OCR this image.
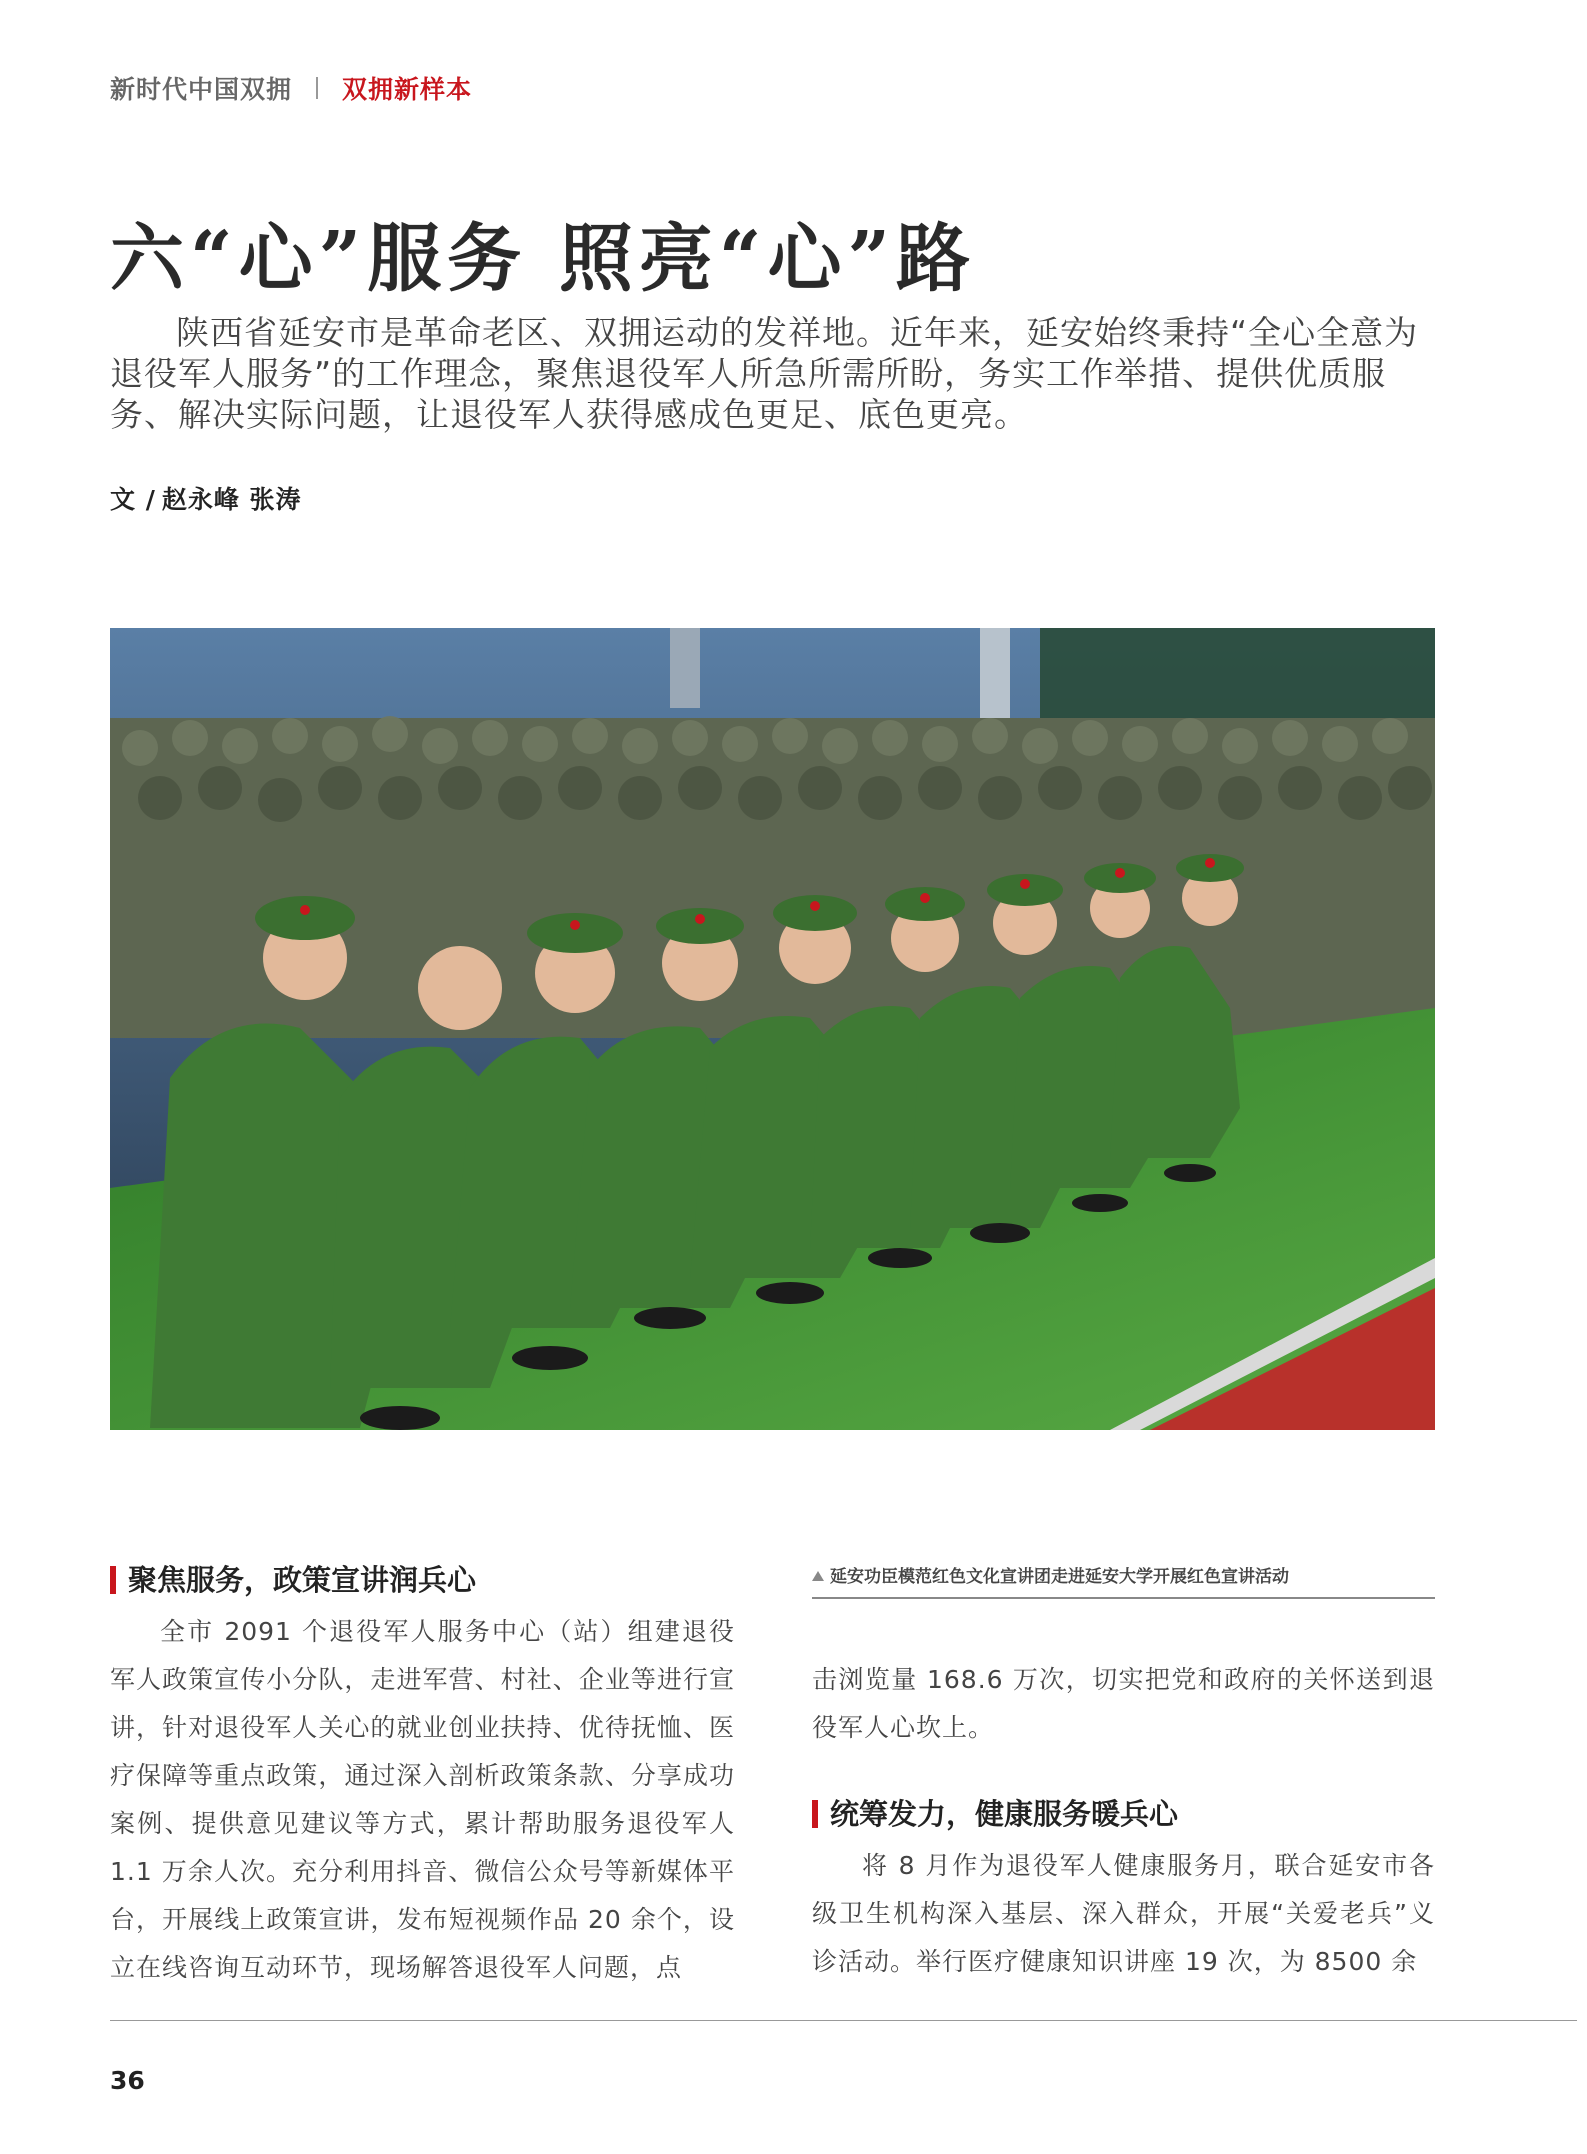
新时代中国双拥 双拥新样本
六“心”服务 照亮“心”路
陕西省延安市是革命老区、双拥运动的发祥地。近年来，延安始终秉持“全心全意为退役军人服务”的工作理念，聚焦退役军人所急所需所盼，务实工作举措、提供优质服务、解决实际问题，让退役军人获得感成色更足、底色更亮。
文 / 赵永峰 张涛
延安功臣模范红色文化宣讲团走进延安大学开展红色宣讲活动
聚焦服务，政策宣讲润兵心

全市 2091 个退役军人服务中心（站）组建退役军人政策宣传小分队，走进军营、村社、企业等进行宣讲，针对退役军人关心的就业创业扶持、优待抚恤、医疗保障等重点政策，通过深入剖析政策条款、分享成功案例、提供意见建议等方式，累计帮助服务退役军人 1.1 万余人次。充分利用抖音、微信公众号等新媒体平台，开展线上政策宣讲，发布短视频作品 20 余个，设立在线咨询互动环节，现场解答退役军人问题，点

击浏览量 168.6 万次，切实把党和政府的关怀送到退役军人心坎上。

统筹发力，健康服务暖兵心

将 8 月作为退役军人健康服务月，联合延安市各级卫生机构深入基层、深入群众，开展“关爱老兵”义诊活动。举行医疗健康知识讲座 19 次，为 8500 余

36
